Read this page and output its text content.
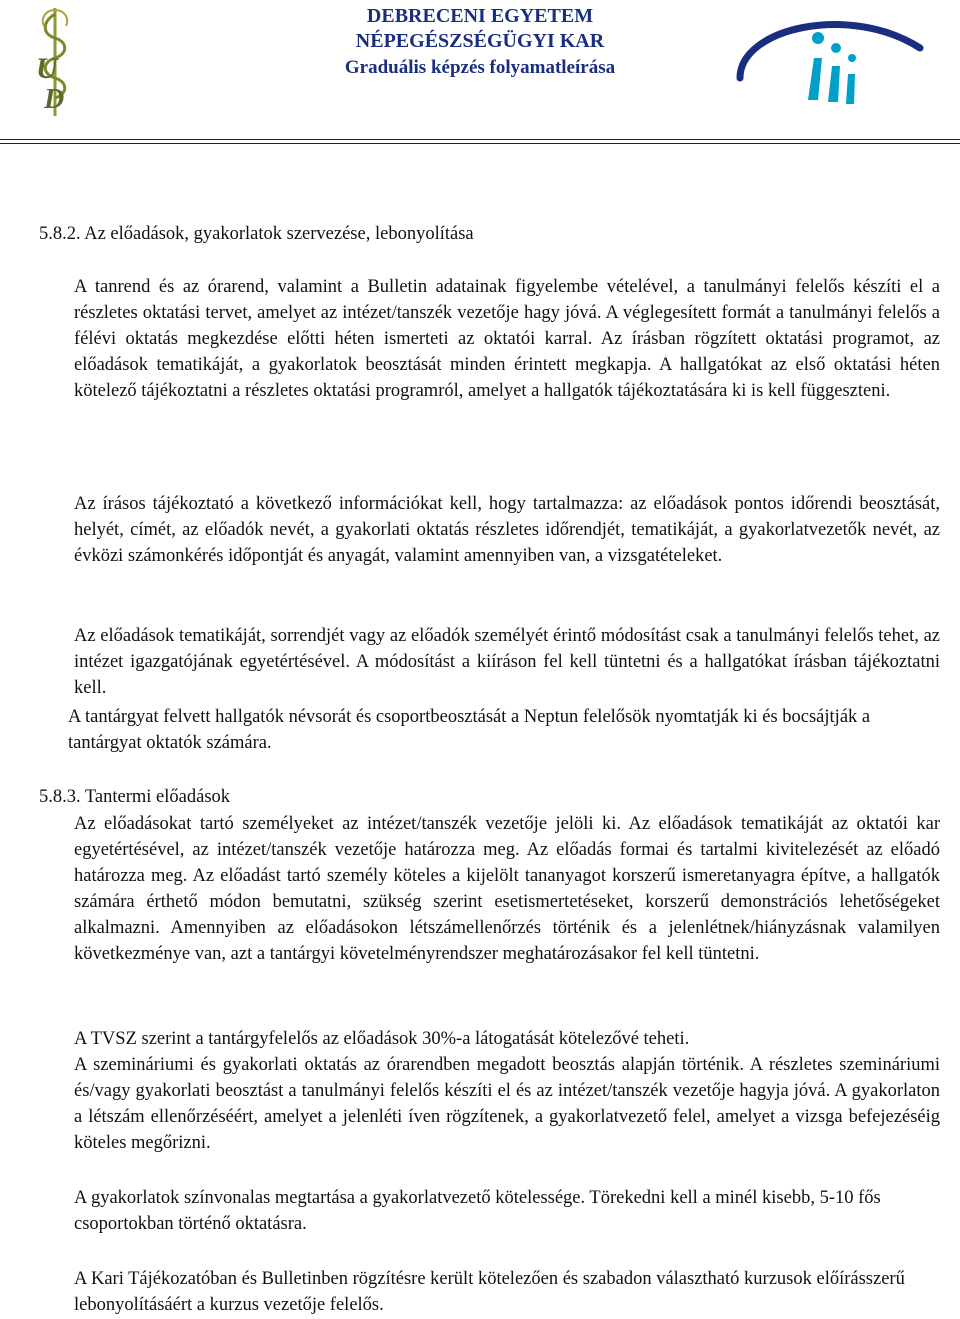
U
D
DEBRECENI EGYETEM
NÉPEGÉSZSÉGÜGYI KAR
Graduális képzés folyamatleírása
5.8.2. Az előadások, gyakorlatok szervezése, lebonyolítása

A tanrend és az órarend, valamint a Bulletin adatainak figyelembe vételével, a tanulmányi felelős készíti el a részletes oktatási tervet, amelyet az intézet/tanszék vezetője hagy jóvá. A véglegesített formát a tanulmányi felelős a félévi oktatás megkezdése előtti héten ismerteti az oktatói karral. Az írásban rögzített oktatási programot, az előadások tematikáját, a gyakorlatok beosztását minden érintett megkapja. A hallgatókat az első oktatási héten kötelező tájékoztatni a részletes oktatási programról, amelyet a hallgatók tájékoztatására ki is kell függeszteni.

Az írásos tájékoztató a következő információkat kell, hogy tartalmazza: az előadások pontos időrendi beosztását, helyét, címét, az előadók nevét, a gyakorlati oktatás részletes időrendjét, tematikáját, a gyakorlatvezetők nevét, az évközi számonkérés időpontját és anyagát, valamint amennyiben van, a vizsgatételeket.

Az előadások tematikáját, sorrendjét vagy az előadók személyét érintő módosítást csak a tanulmányi felelős tehet, az intézet igazgatójának egyetértésével. A módosítást a kiíráson fel kell tüntetni és a hallgatókat írásban tájékoztatni kell.

A tantárgyat felvett hallgatók névsorát és csoportbeosztását a Neptun felelősök nyomtatják ki és bocsájtják a tantárgyat oktatók számára.

5.8.3. Tantermi előadások

Az előadásokat tartó személyeket az intézet/tanszék vezetője jelöli ki. Az előadások tematikáját az oktatói kar egyetértésével, az intézet/tanszék vezetője határozza meg. Az előadás formai és tartalmi kivitelezését az előadó határozza meg. Az előadást tartó személy köteles a kijelölt tananyagot korszerű ismeretanyagra építve, a hallgatók számára érthető módon bemutatni, szükség szerint esetismertetéseket, korszerű demonstrációs lehetőségeket alkalmazni. Amennyiben az előadásokon létszámellenőrzés történik és a jelenlétnek/hiányzásnak valamilyen következménye van, azt a tantárgyi követelményrendszer meghatározásakor fel kell tüntetni.

A TVSZ szerint a tantárgyfelelős az előadások 30%-a látogatását kötelezővé teheti.

A szemináriumi és gyakorlati oktatás az órarendben megadott beosztás alapján történik. A részletes szemináriumi és/vagy gyakorlati beosztást a tanulmányi felelős készíti el és az intézet/tanszék vezetője hagyja jóvá. A gyakorlaton a létszám ellenőrzéséért, amelyet a jelenléti íven rögzítenek, a gyakorlatvezető felel, amelyet a vizsga befejezéséig köteles megőrizni.

A gyakorlatok színvonalas megtartása a gyakorlatvezető kötelessége. Törekedni kell a minél kisebb, 5-10 fős csoportokban történő oktatásra.

A Kari Tájékozatóban és Bulletinben rögzítésre került kötelezően és szabadon választható kurzusok előírásszerű lebonyolításáért a kurzus vezetője felelős.
